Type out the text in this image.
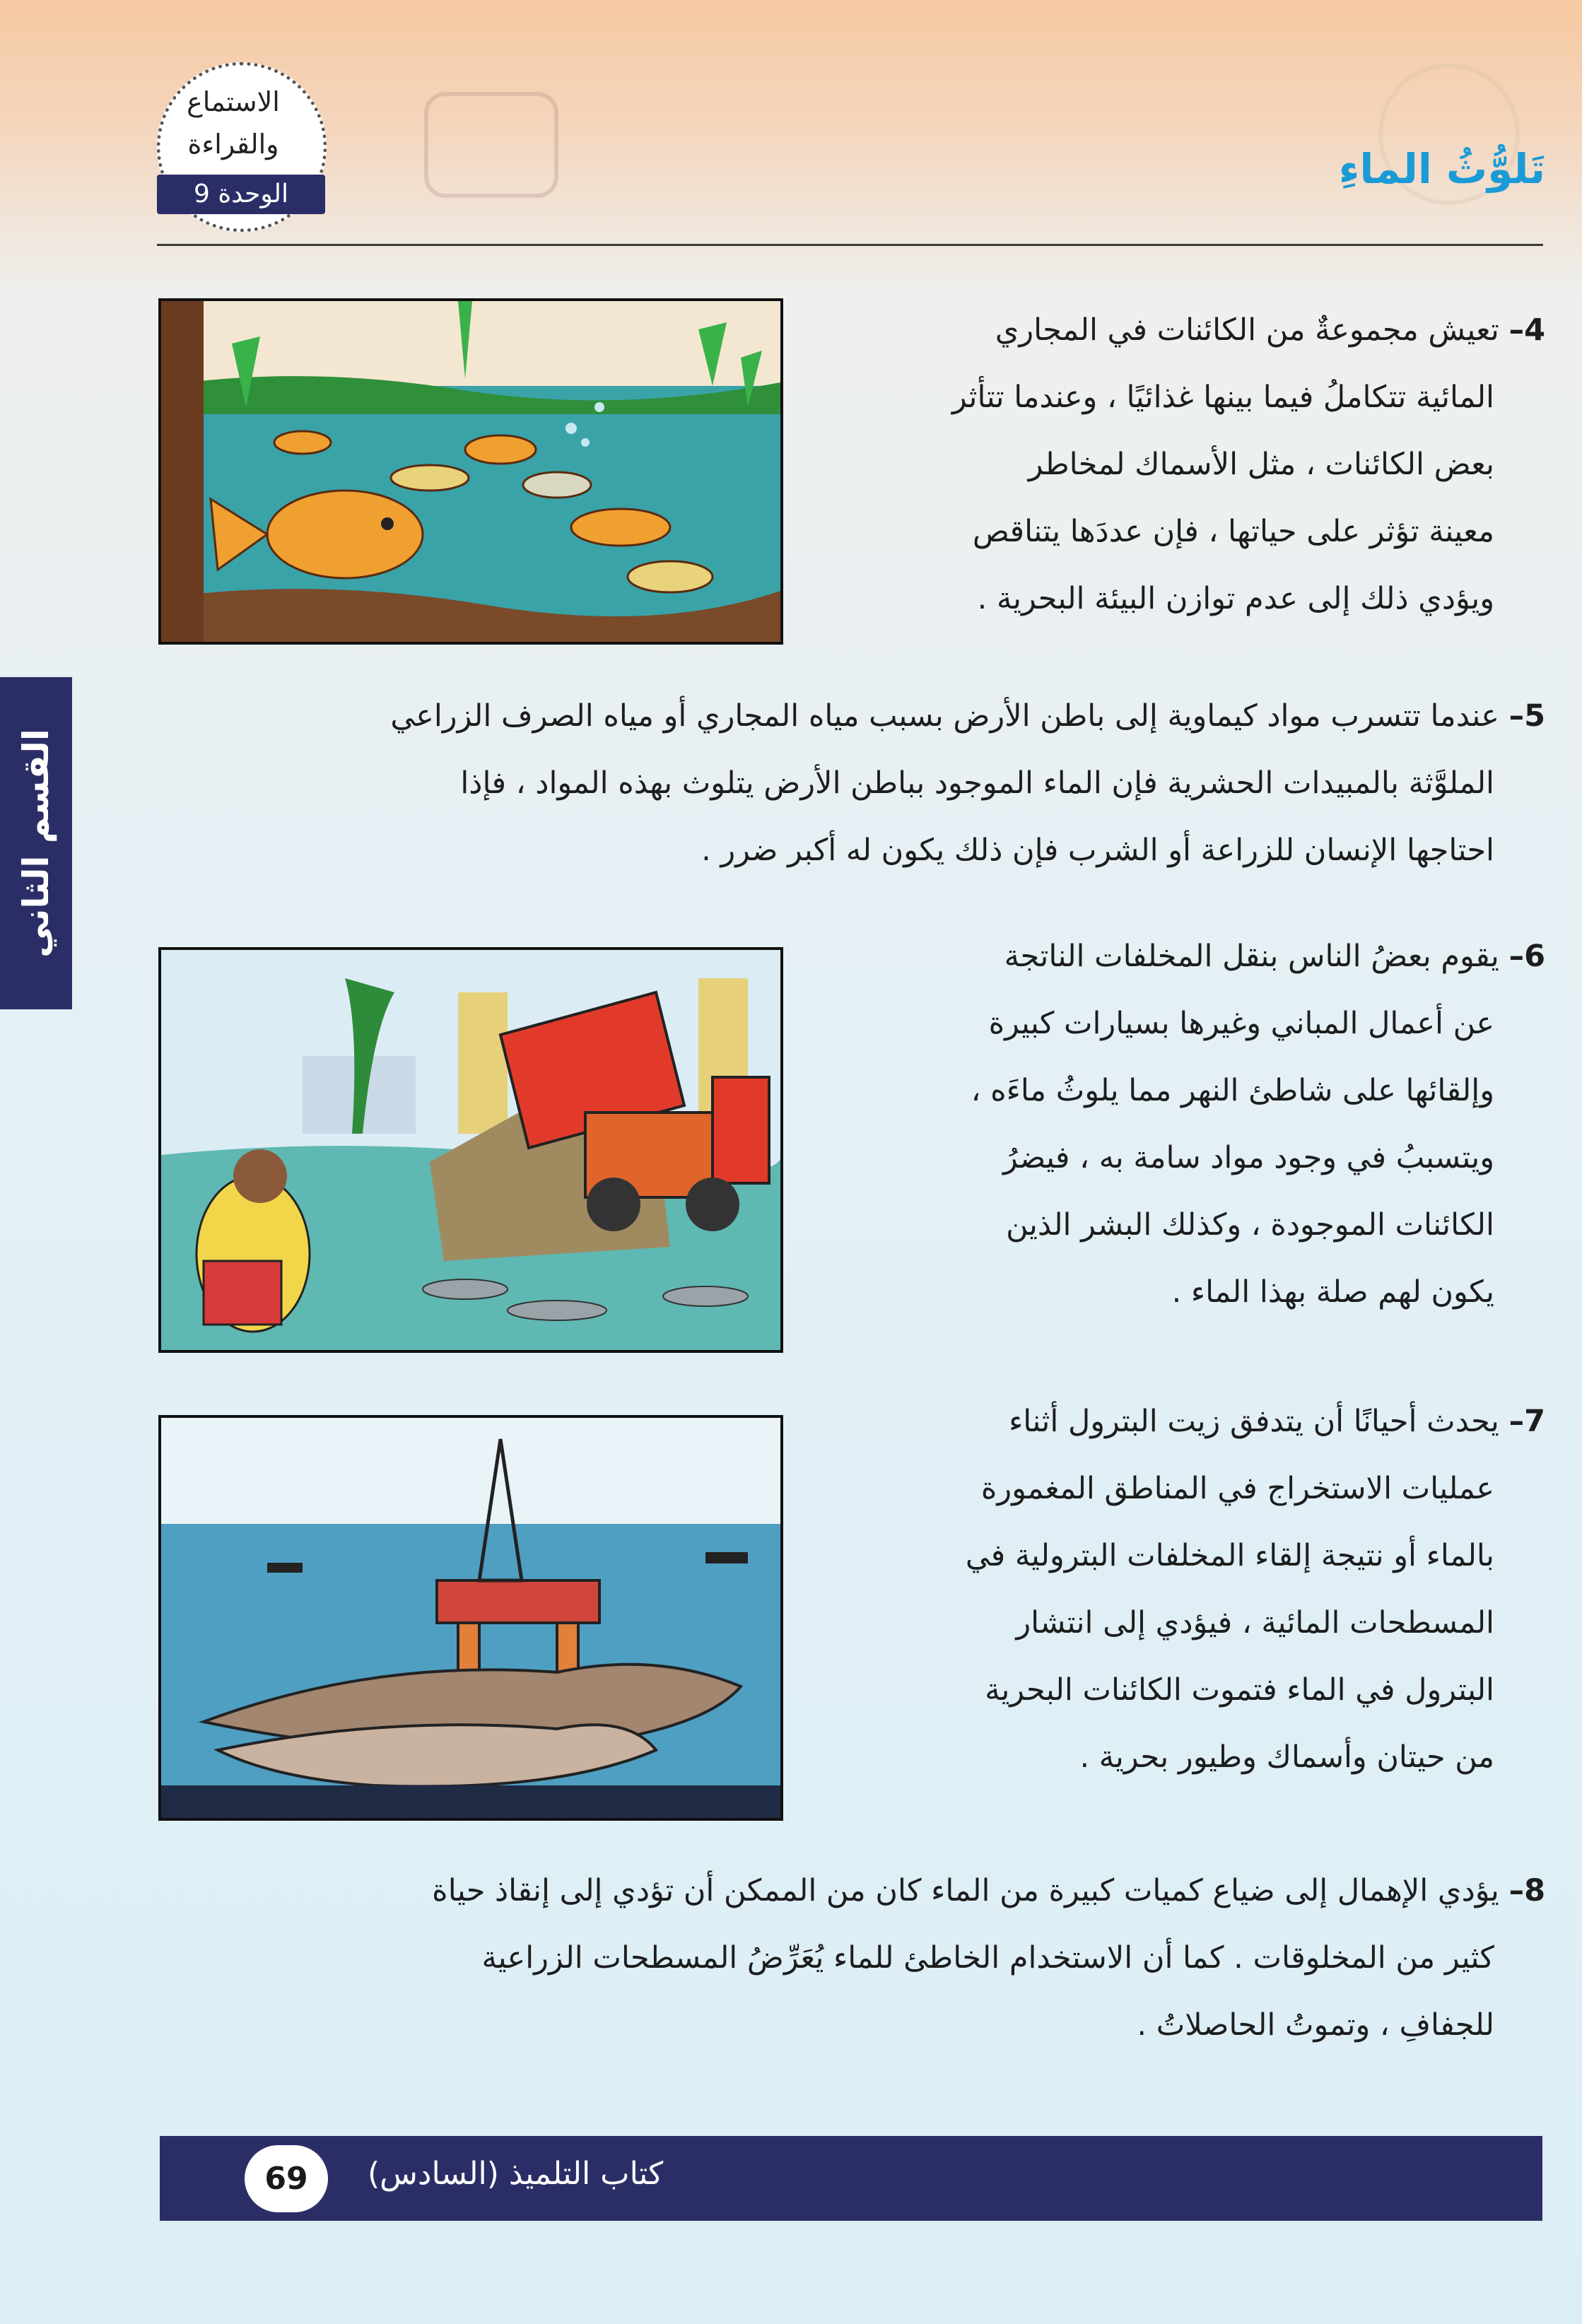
الاستماع
والقراءة
الوحدة 9
تَلوُّثُ الماءِ
القسم الثاني
4– تعيش مجموعةٌ من الكائنات في المجاري
المائية تتكاملُ فيما بينها غذائيًا ، وعندما تتأثر
بعض الكائنات ، مثل الأسماك لمخاطر
معينة تؤثر على حياتها ، فإن عددَها يتناقص
ويؤدي ذلك إلى عدم توازن البيئة البحرية .
5– عندما تتسرب مواد كيماوية إلى باطن الأرض بسبب مياه المجاري أو مياه الصرف الزراعي
الملوَّثة بالمبيدات الحشرية فإن الماء الموجود بباطن الأرض يتلوث بهذه المواد ، فإذا
احتاجها الإنسان للزراعة أو الشرب فإن ذلك يكون له أكبر ضرر .
6– يقوم بعضُ الناس بنقل المخلفات الناتجة
عن أعمال المباني وغيرها بسيارات كبيرة
وإلقائها على شاطئ النهر مما يلوثُ ماءَه ،
ويتسببُ في وجود مواد سامة به ، فيضرُ
الكائنات الموجودة ، وكذلك البشر الذين
يكون لهم صلة بهذا الماء .
7– يحدث أحيانًا أن يتدفق زيت البترول أثناء
عمليات الاستخراج في المناطق المغمورة
بالماء أو نتيجة إلقاء المخلفات البترولية في
المسطحات المائية ، فيؤدي إلى انتشار
البترول في الماء فتموت الكائنات البحرية
من حيتان وأسماك وطيور بحرية .
8– يؤدي الإهمال إلى ضياع كميات كبيرة من الماء كان من الممكن أن تؤدي إلى إنقاذ حياة
كثير من المخلوقات . كما أن الاستخدام الخاطئ للماء يُعَرِّضُ المسطحات الزراعية
للجفافِ ، وتموتُ الحاصلاتُ .
69	كتاب التلميذ (السادس)
